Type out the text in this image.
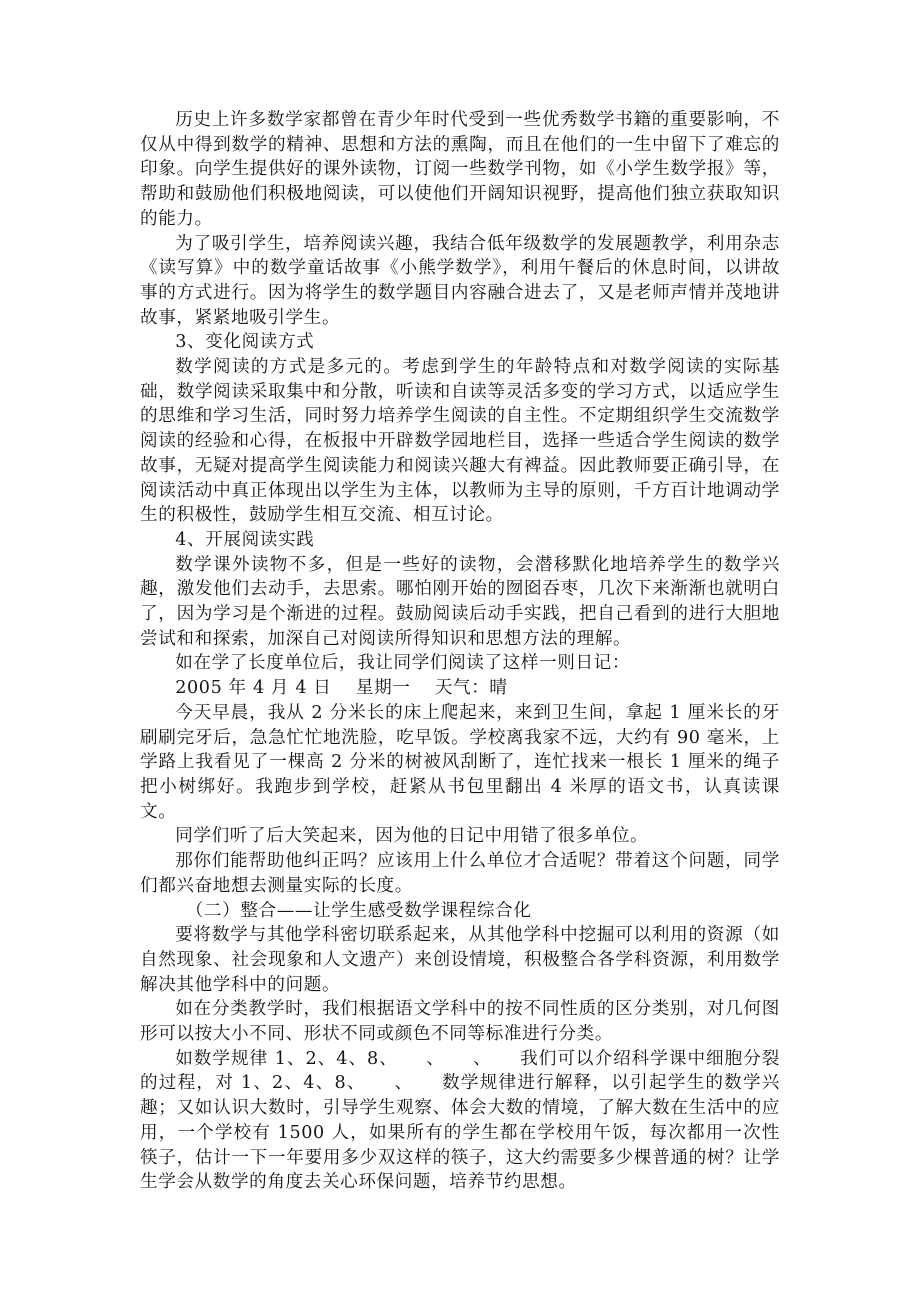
历史上许多数学家都曾在青少年时代受到一些优秀数学书籍的重要影响，不仅从中得到数学的精神、思想和方法的熏陶，而且在他们的一生中留下了难忘的印象。向学生提供好的课外读物，订阅一些数学刊物，如《小学生数学报》等，帮助和鼓励他们积极地阅读，可以使他们开阔知识视野，提高他们独立获取知识的能力。

为了吸引学生，培养阅读兴趣，我结合低年级数学的发展题教学，利用杂志《读写算》中的数学童话故事《小熊学数学》，利用午餐后的休息时间，以讲故事的方式进行。因为将学生的数学题目内容融合进去了，又是老师声情并茂地讲故事，紧紧地吸引学生。

3、变化阅读方式

数学阅读的方式是多元的。考虑到学生的年龄特点和对数学阅读的实际基础，数学阅读采取集中和分散，听读和自读等灵活多变的学习方式，以适应学生的思维和学习生活，同时努力培养学生阅读的自主性。不定期组织学生交流数学阅读的经验和心得，在板报中开辟数学园地栏目，选择一些适合学生阅读的数学故事，无疑对提高学生阅读能力和阅读兴趣大有裨益。因此教师要正确引导，在阅读活动中真正体现出以学生为主体，以教师为主导的原则，千方百计地调动学生的积极性，鼓励学生相互交流、相互讨论。

4、开展阅读实践

数学课外读物不多，但是一些好的读物，会潜移默化地培养学生的数学兴趣，激发他们去动手，去思索。哪怕刚开始的囫囵吞枣，几次下来渐渐也就明白了，因为学习是个渐进的过程。鼓励阅读后动手实践，把自己看到的进行大胆地尝试和和探索，加深自己对阅读所得知识和思想方法的理解。

如在学了长度单位后，我让同学们阅读了这样一则日记：

2005 年 4 月 4 日　 星期一　 天气：晴

今天早晨，我从 2 分米长的床上爬起来，来到卫生间，拿起 1 厘米长的牙刷刷完牙后，急急忙忙地洗脸，吃早饭。学校离我家不远，大约有 90 毫米，上学路上我看见了一棵高 2 分米的树被风刮断了，连忙找来一根长 1 厘米的绳子把小树绑好。我跑步到学校，赶紧从书包里翻出 4 米厚的语文书，认真读课文。

同学们听了后大笑起来，因为他的日记中用错了很多单位。

那你们能帮助他纠正吗？应该用上什么单位才合适呢？带着这个问题，同学们都兴奋地想去测量实际的长度。

（二）整合——让学生感受数学课程综合化

要将数学与其他学科密切联系起来，从其他学科中挖掘可以利用的资源（如自然现象、社会现象和人文遗产）来创设情境，积极整合各学科资源，利用数学解决其他学科中的问题。

如在分类教学时，我们根据语文学科中的按不同性质的区分类别，对几何图形可以按大小不同、形状不同或颜色不同等标准进行分类。

如数学规律 1、2、4、8、　　、　　、　　我们可以介绍科学课中细胞分裂的过程，对 1、2、4、8、　　、　　数学规律进行解释，以引起学生的数学兴趣；又如认识大数时，引导学生观察、体会大数的情境，了解大数在生活中的应用，一个学校有 1500 人，如果所有的学生都在学校用午饭，每次都用一次性筷子，估计一下一年要用多少双这样的筷子，这大约需要多少棵普通的树？让学生学会从数学的角度去关心环保问题，培养节约思想。
